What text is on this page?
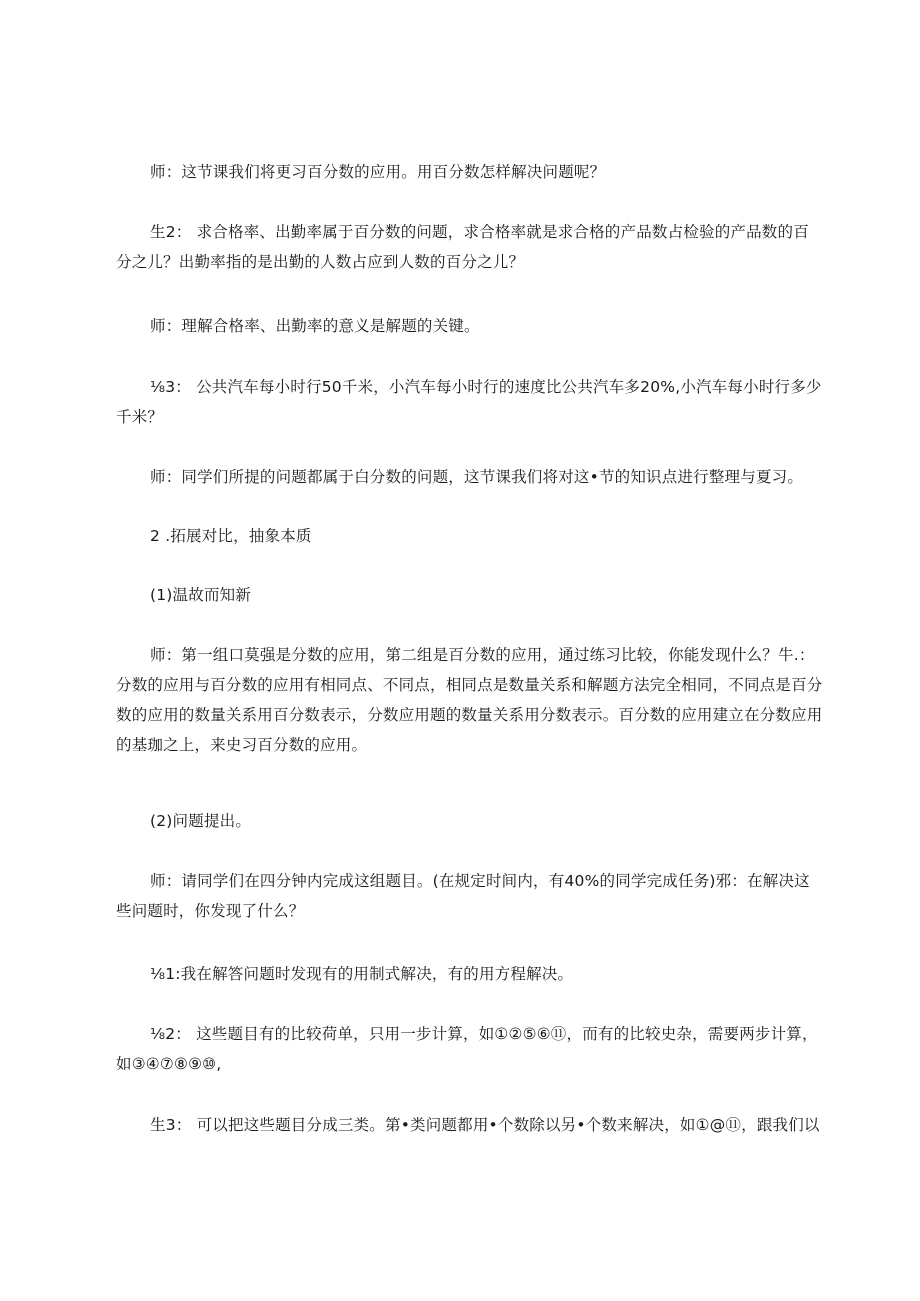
师：这节课我们将更习百分数的应用。用百分数怎样解决问题呢？

生2： 求合格率、出勤率属于百分数的问题，求合格率就是求合格的产品数占检验的产品数的百
分之儿？出勤率指的是出勤的人数占应到人数的百分之儿？

师：理解合格率、出勤率的意义是解题的关键。

⅛3： 公共汽车每小时行50千米，小汽车每小时行的速度比公共汽车多20%,小汽车每小时行多少
千米？

师：同学们所提的问题都属于白分数的问题，这节课我们将对这•节的知识点进行整理与夏习。

2 .拓展对比，抽象本质

(1)温故而知新

师：第一组口莫强是分数的应用，第二组是百分数的应用，通过练习比较，你能发现什么？牛.：
分数的应用与百分数的应用有相同点、不同点，相同点是数量关系和解题方法完全相同，不同点是百分
数的应用的数量关系用百分数表示，分数应用题的数量关系用分数表示。百分数的应用建立在分数应用
的基珈之上，来史习百分数的应用。

(2)问题提出。

师：请同学们在四分钟内完成这组题目。(在规定时间内，有40%的同学完成任务)邪：在解决这
些问题时，你发现了什么？

⅛1:我在解答问题时发现有的用制式解决，有的用方程解决。

⅛2： 这些题目有的比较荷单，只用一步计算，如①②⑤⑥⑪，而有的比较史杂，需要两步计算，
如③④⑦⑧⑨⑩,

生3： 可以把这些题目分成三类。第•类问题都用•个数除以另•个数来解决，如①@⑪，跟我们以
